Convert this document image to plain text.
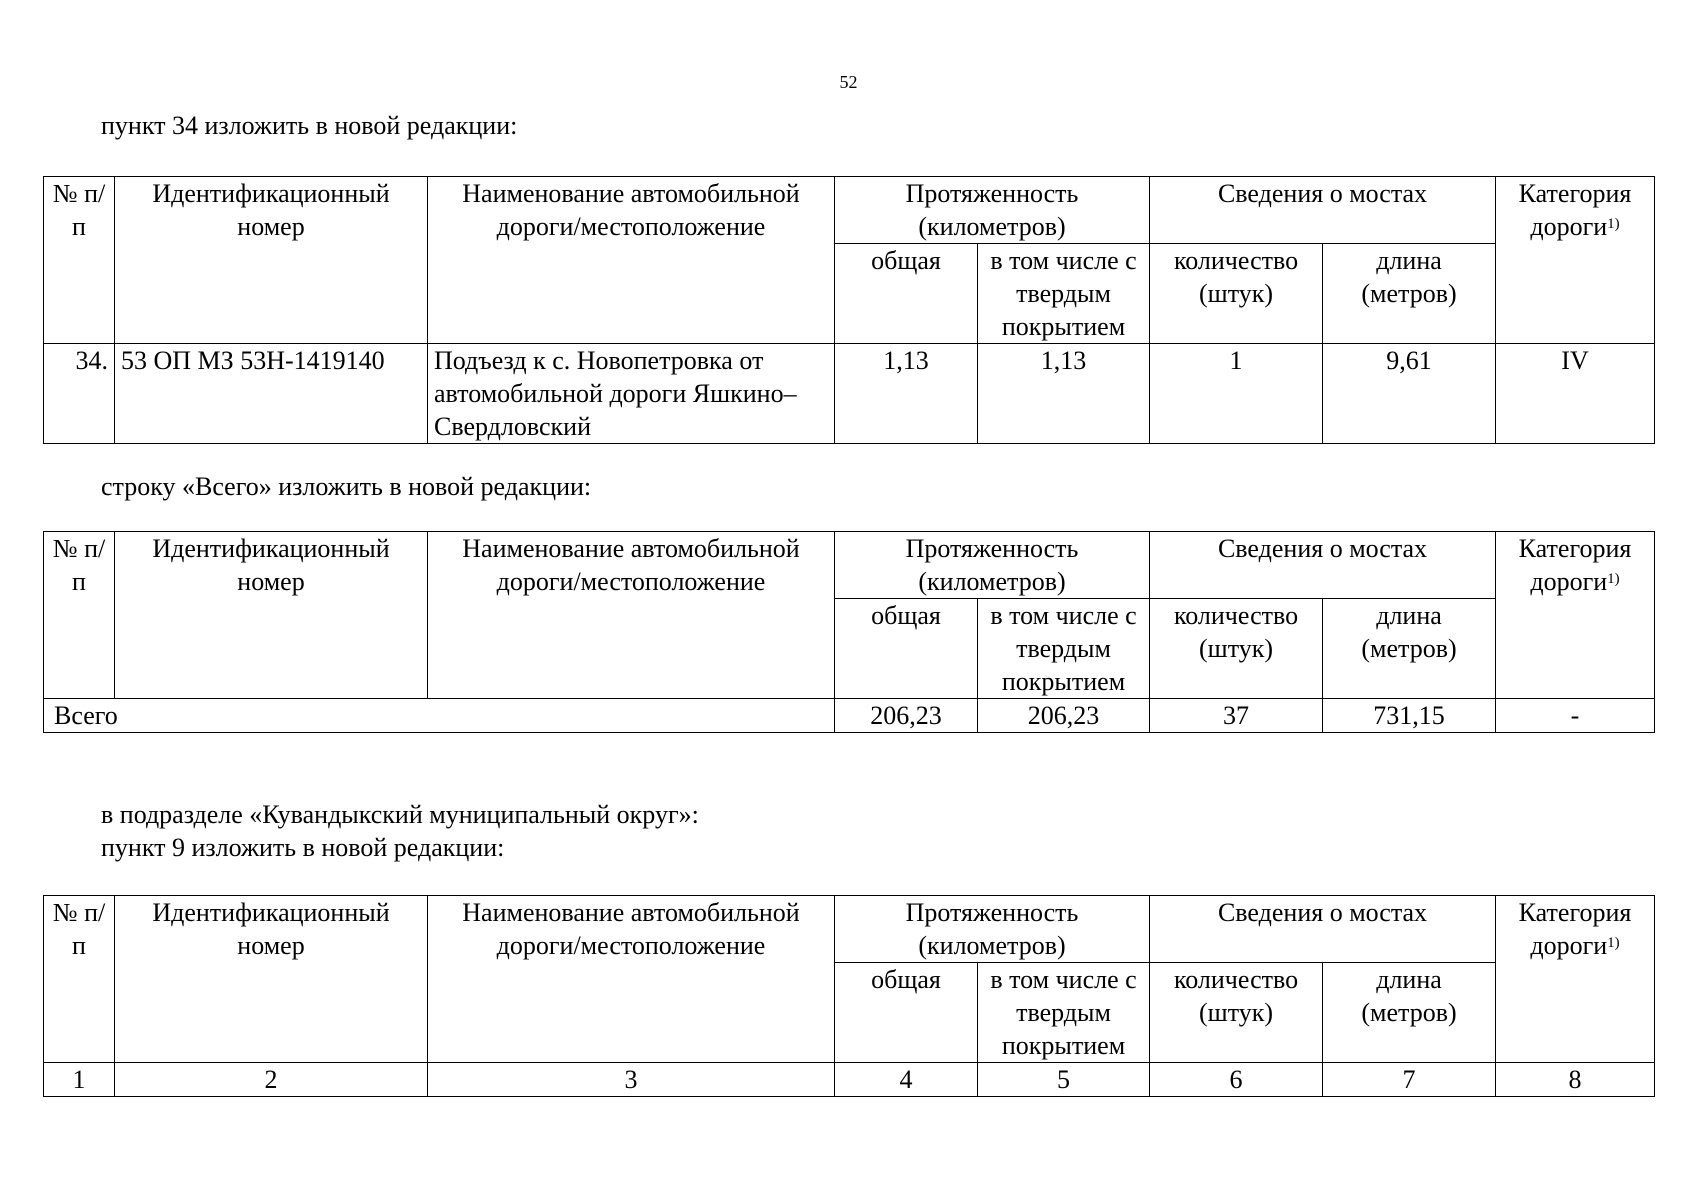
52
пункт 34 изложить в новой редакции:
№ п/п	Идентификационный номер	Наименование автомобильной дороги/местоположение	Протяженность (километров)		Сведения о мостах		Категория дороги$^{1)}$
			общая	в том числе с твердым покрытием	количество (штук)	длина (метров)	
34.	53 ОП МЗ 53Н-1419140	Подъезд к с. Новопетровка от автомобильной дороги Яшкино–Свердловский	1,13	1,13	1	9,61	IV
строку «Всего» изложить в новой редакции:
№ п/п	Идентификационный номер	Наименование автомобильной дороги/местоположение	Протяженность (километров)		Сведения о мостах		Категория дороги$^{1)}$
			общая	в том числе с твердым покрытием	количество (штук)	длина (метров)	
Всего			206,23	206,23	37	731,15	-
в подразделе «Кувандыкский муниципальный округ»:
пункт 9 изложить в новой редакции:
№ п/п	Идентификационный номер	Наименование автомобильной дороги/местоположение	Протяженность (километров)		Сведения о мостах		Категория дороги$^{1)}$
			общая	в том числе с твердым покрытием	количество (штук)	длина (метров)	
1	2	3	4	5	6	7	8
